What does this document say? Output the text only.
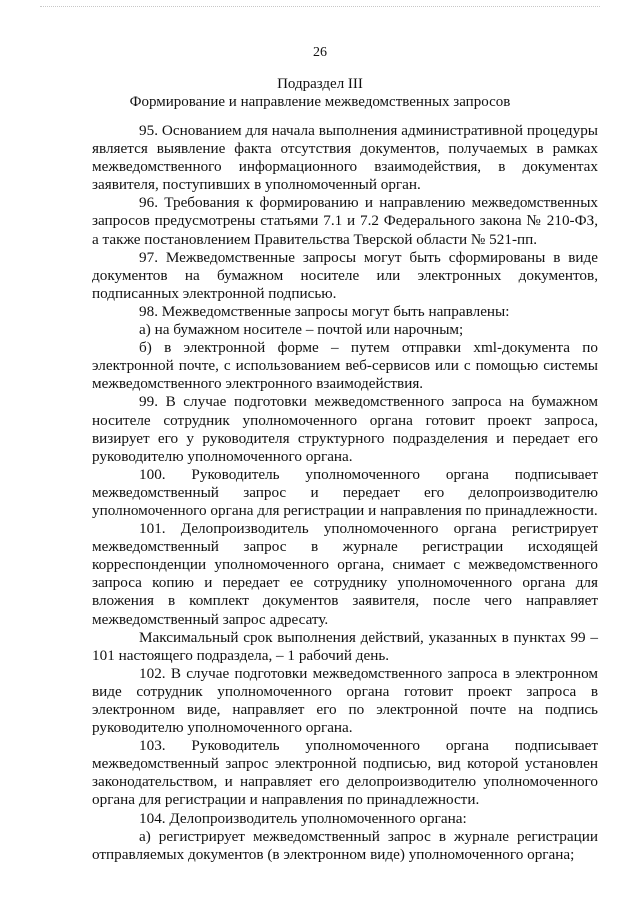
26
Подраздел III
Формирование и направление межведомственных запросов

95. Основанием для начала выполнения административной процедуры является выявление факта отсутствия документов, получаемых в рамках межведомственного информационного взаимодействия, в документах заявителя, поступивших в уполномоченный орган.

96. Требования к формированию и направлению межведомственных запросов предусмотрены статьями 7.1 и 7.2 Федерального закона № 210-ФЗ, а также постановлением Правительства Тверской области № 521-пп.

97. Межведомственные запросы могут быть сформированы в виде документов на бумажном носителе или электронных документов, подписанных электронной подписью.

98. Межведомственные запросы могут быть направлены:

а) на бумажном носителе – почтой или нарочным;

б) в электронной форме – путем отправки xml-документа по электронной почте, с использованием веб-сервисов или с помощью системы межведомственного электронного взаимодействия.

99. В случае подготовки межведомственного запроса на бумажном носителе сотрудник уполномоченного органа готовит проект запроса, визирует его у руководителя структурного подразделения и передает его руководителю уполномоченного органа.

100. Руководитель уполномоченного органа подписывает межведомственный запрос и передает его делопроизводителю уполномоченного органа для регистрации и направления по принадлежности.

101. Делопроизводитель уполномоченного органа регистрирует межведомственный запрос в журнале регистрации исходящей корреспонденции уполномоченного органа, снимает с межведомственного запроса копию и передает ее сотруднику уполномоченного органа для вложения в комплект документов заявителя, после чего направляет межведомственный запрос адресату.

Максимальный срок выполнения действий, указанных в пунктах 99 – 101 настоящего подраздела, – 1 рабочий день.

102. В случае подготовки межведомственного запроса в электронном виде сотрудник уполномоченного органа готовит проект запроса в электронном виде, направляет его по электронной почте на подпись руководителю уполномоченного органа.

103. Руководитель уполномоченного органа подписывает межведомственный запрос электронной подписью, вид которой установлен законодательством, и направляет его делопроизводителю уполномоченного органа для регистрации и направления по принадлежности.

104. Делопроизводитель уполномоченного органа:

а) регистрирует межведомственный запрос в журнале регистрации отправляемых документов (в электронном виде) уполномоченного органа;
